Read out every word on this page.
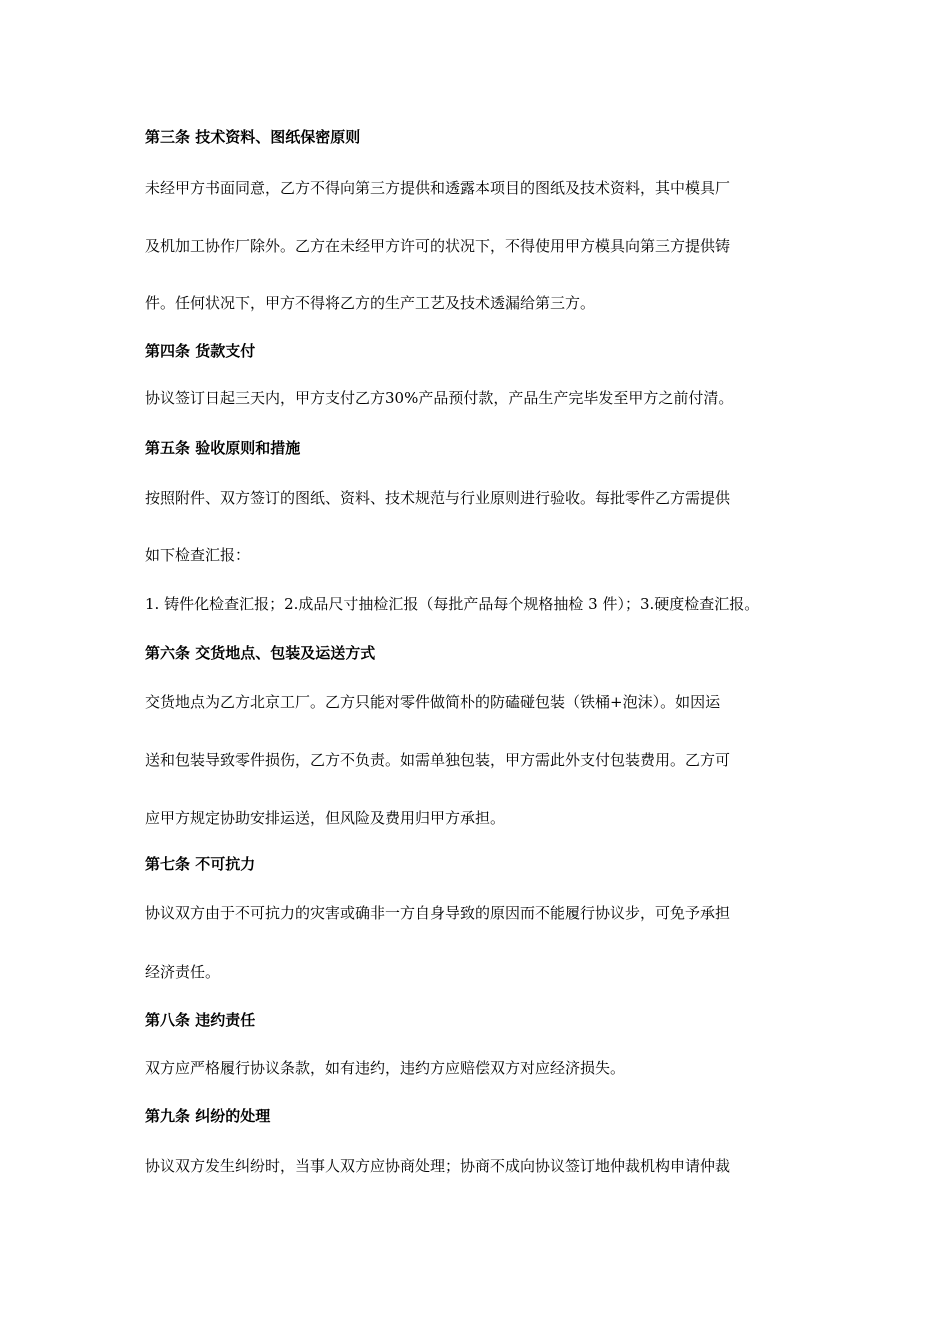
第三条 技术资料、图纸保密原则
未经甲方书面同意，乙方不得向第三方提供和透露本项目的图纸及技术资料，其中模具厂
及机加工协作厂除外。乙方在未经甲方许可的状况下，不得使用甲方模具向第三方提供铸
件。任何状况下，甲方不得将乙方的生产工艺及技术透漏给第三方。
第四条 货款支付
协议签订日起三天内，甲方支付乙方30%产品预付款，产品生产完毕发至甲方之前付清。
第五条 验收原则和措施
按照附件、双方签订的图纸、资料、技术规范与行业原则进行验收。每批零件乙方需提供
如下检查汇报：
1. 铸件化检查汇报；2.成品尺寸抽检汇报（每批产品每个规格抽检 3 件）；3.硬度检查汇报。
第六条 交货地点、包装及运送方式
交货地点为乙方北京工厂。乙方只能对零件做简朴的防磕碰包装（铁桶+泡沫）。如因运
送和包装导致零件损伤，乙方不负责。如需单独包装，甲方需此外支付包装费用。乙方可
应甲方规定协助安排运送，但风险及费用归甲方承担。
第七条 不可抗力
协议双方由于不可抗力的灾害或确非一方自身导致的原因而不能履行协议步，可免予承担
经济责任。
第八条 违约责任
双方应严格履行协议条款，如有违约，违约方应赔偿双方对应经济损失。
第九条 纠纷的处理
协议双方发生纠纷时，当事人双方应协商处理；协商不成向协议签订地仲裁机构申请仲裁
